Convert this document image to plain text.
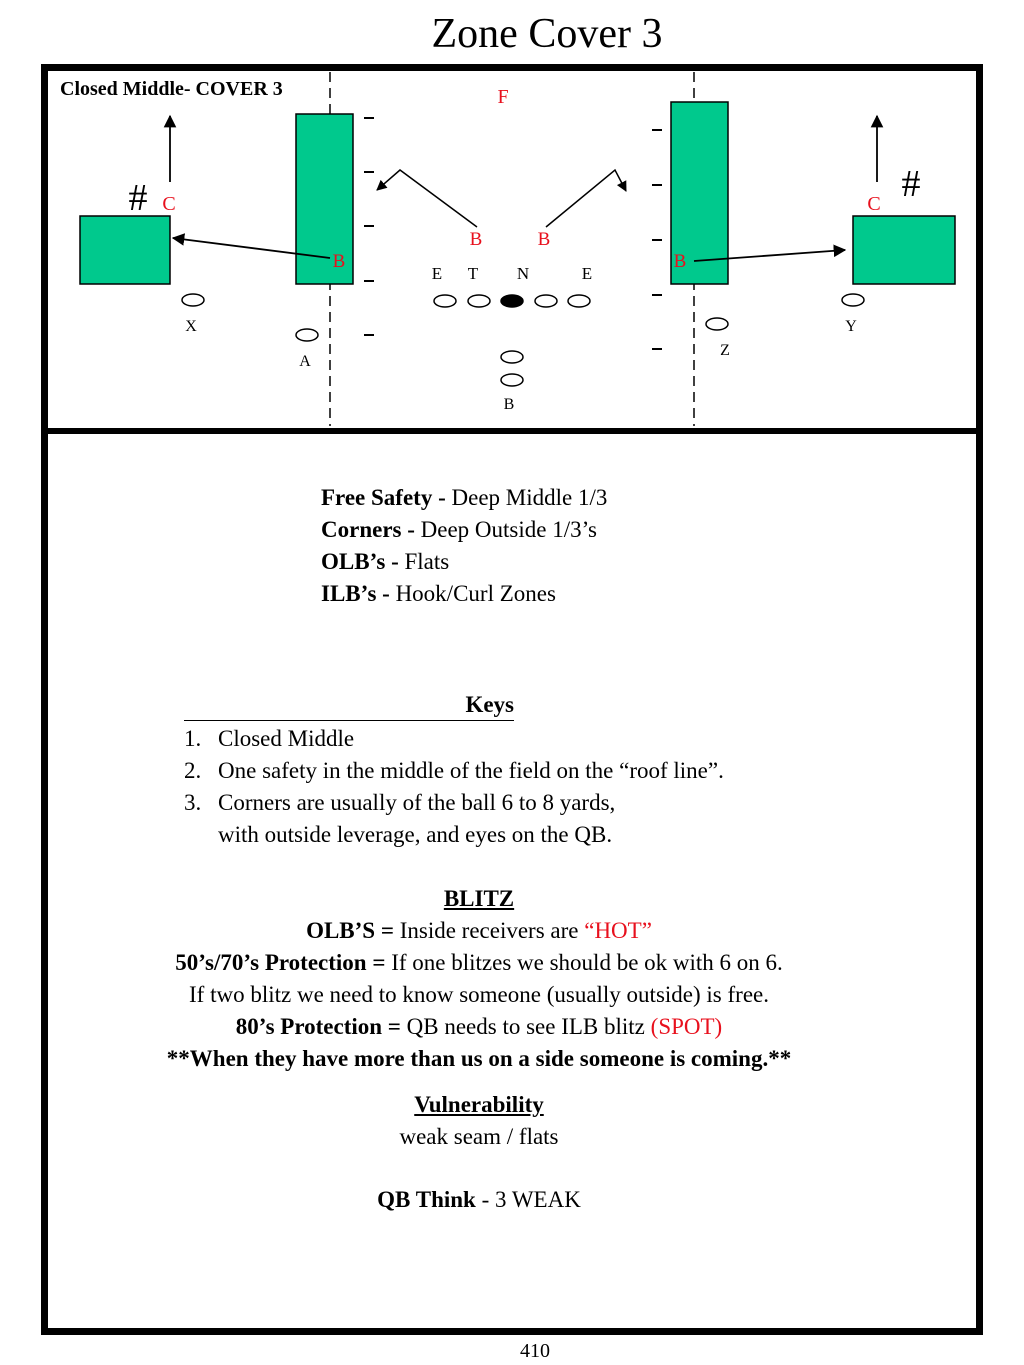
Zone Cover 3
Closed Middle- COVER 3	F
#	#
C	C
B	B
B	B
E T N	E
X
A
B
Z
Y
Free Safety - Deep Middle 1/3
Corners - Deep Outside 1/3’s
OLB’s - Flats
ILB’s - Hook/Curl Zones
Keys
1. Closed Middle
2. One safety in the middle of the field on the “roof line”.
3. Corners are usually of the ball 6 to 8 yards,
with outside leverage, and eyes on the QB.
BLITZ
OLB’S = Inside receivers are “HOT”
50’s/70’s Protection = If one blitzes we should be ok with 6 on 6.
If two blitz we need to know someone (usually outside) is free.
80’s Protection = QB needs to see ILB blitz (SPOT)
**When they have more than us on a side someone is coming.**
Vulnerability
weak seam / flats
QB Think - 3 WEAK
410
